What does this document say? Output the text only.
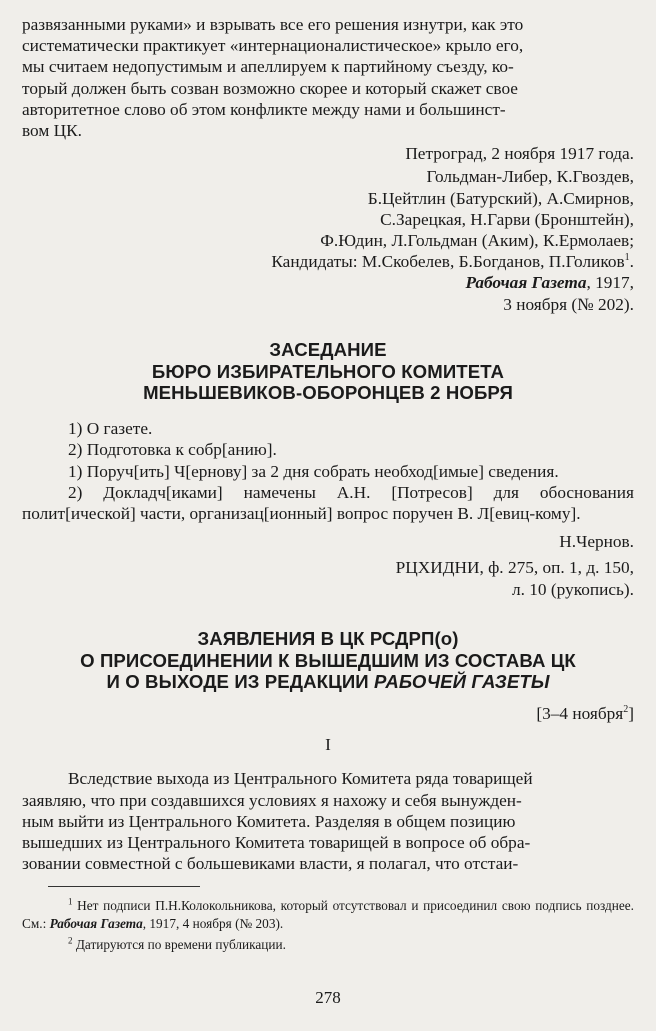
развязанными руками» и взрывать все его решения изнутри, как это

систематически практикует «интернационалистическое» крыло его,

мы считаем недопустимым и апеллируем к партийному съезду, ко-

торый должен быть созван возможно скорее и который скажет свое

авторитетное слово об этом конфликте между нами и большинст-

вом ЦК.

Петроград, 2 ноября 1917 года.

Гольдман-Либер, К.Гвоздев,

Б.Цейтлин (Батурский), А.Смирнов,

С.Зарецкая, Н.Гарви (Бронштейн),

Ф.Юдин, Л.Гольдман (Аким), К.Ермолаев;

Кандидаты: М.Скобелев, Б.Богданов, П.Голиков$^1$.

Рабочая Газета, 1917,

3 ноября (№ 202).

ЗАСЕДАНИЕ
БЮРО ИЗБИРАТЕЛЬНОГО КОМИТЕТА
МЕНЬШЕВИКОВ-ОБОРОНЦЕВ 2 НОБРЯ

1) О газете.

2) Подготовка к собр[анию].

1) Поруч[ить] Ч[ернову] за 2 дня собрать необход[имые] сведения.

2) Докладч[иками] намечены А.Н. [Потресов] для обоснования полит[ической] части, организац[ионный] вопрос поручен В. Л[евиц-кому].

Н.Чернов.

РЦХИДНИ, ф. 275, оп. 1, д. 150,

л. 10 (рукопись).

ЗАЯВЛЕНИЯ В ЦК РСДРП(о)
О ПРИСОЕДИНЕНИИ К ВЫШЕДШИМ ИЗ СОСТАВА ЦК
И О ВЫХОДЕ ИЗ РЕДАКЦИИ РАБОЧЕЙ ГАЗЕТЫ

[3–4 ноября$^2$]

I

Вследствие выхода из Центрального Комитета ряда товарищей

заявляю, что при создавшихся условиях я нахожу и себя вынужден-

ным выйти из Центрального Комитета. Разделяя в общем позицию

вышедших из Центрального Комитета товарищей в вопросе об обра-

зовании совместной с большевиками власти, я полагал, что отстаи-

$^1$ Нет подписи П.Н.Колокольникова, который отсутствовал и присоединил свою подпись позднее. См.: Рабочая Газета, 1917, 4 ноября (№ 203).

$^2$ Датируются по времени публикации.

278
